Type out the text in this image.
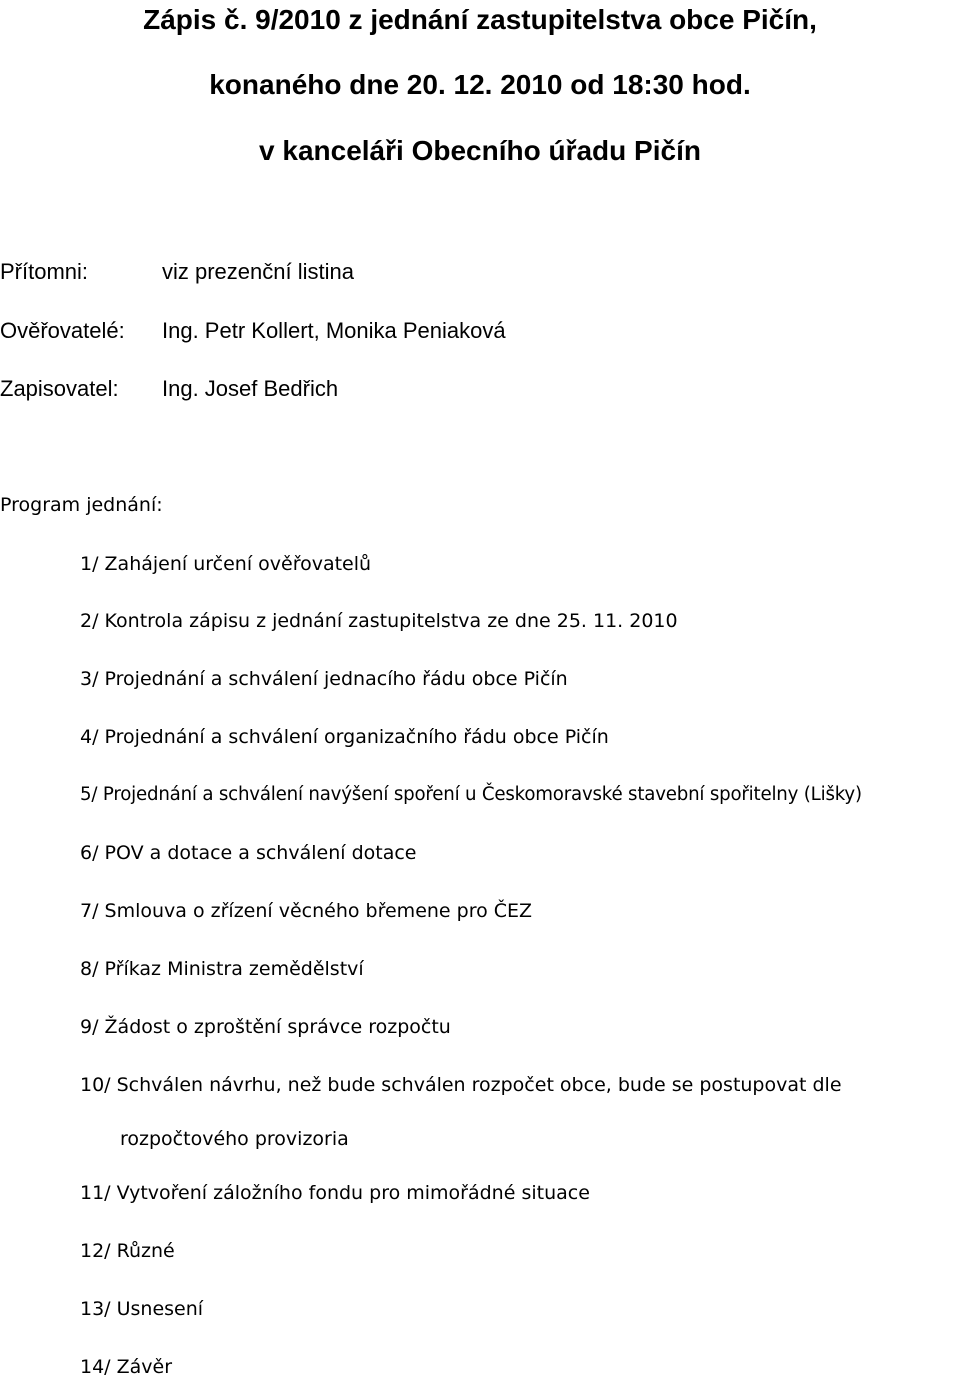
Zápis č. 9/2010 z jednání zastupitelstva obce Pičín,
konaného dne 20. 12. 2010 od 18:30 hod.
v kanceláři Obecního úřadu Pičín
Přítomni:	viz prezenční listina
Ověřovatelé: Ing. Petr Kollert, Monika Peniaková
Zapisovatel: Ing. Josef Bedřich
Program jednání:
1/ Zahájení určení ověřovatelů
2/ Kontrola zápisu z jednání zastupitelstva ze dne 25. 11. 2010
3/ Projednání a schválení jednacího řádu obce Pičín
4/ Projednání a schválení organizačního řádu obce Pičín
5/ Projednání a schválení navýšení spoření u Českomoravské stavební spořitelny (Lišky)
6/ POV a dotace a schválení dotace
7/ Smlouva o zřízení věcného břemene pro ČEZ
8/ Příkaz Ministra zemědělství
9/ Žádost o zproštění správce rozpočtu
10/ Schválen návrhu, než bude schválen rozpočet obce, bude se postupovat dle
rozpočtového provizoria
11/ Vytvoření záložního fondu pro mimořádné situace
12/ Různé
13/ Usnesení
14/ Závěr
